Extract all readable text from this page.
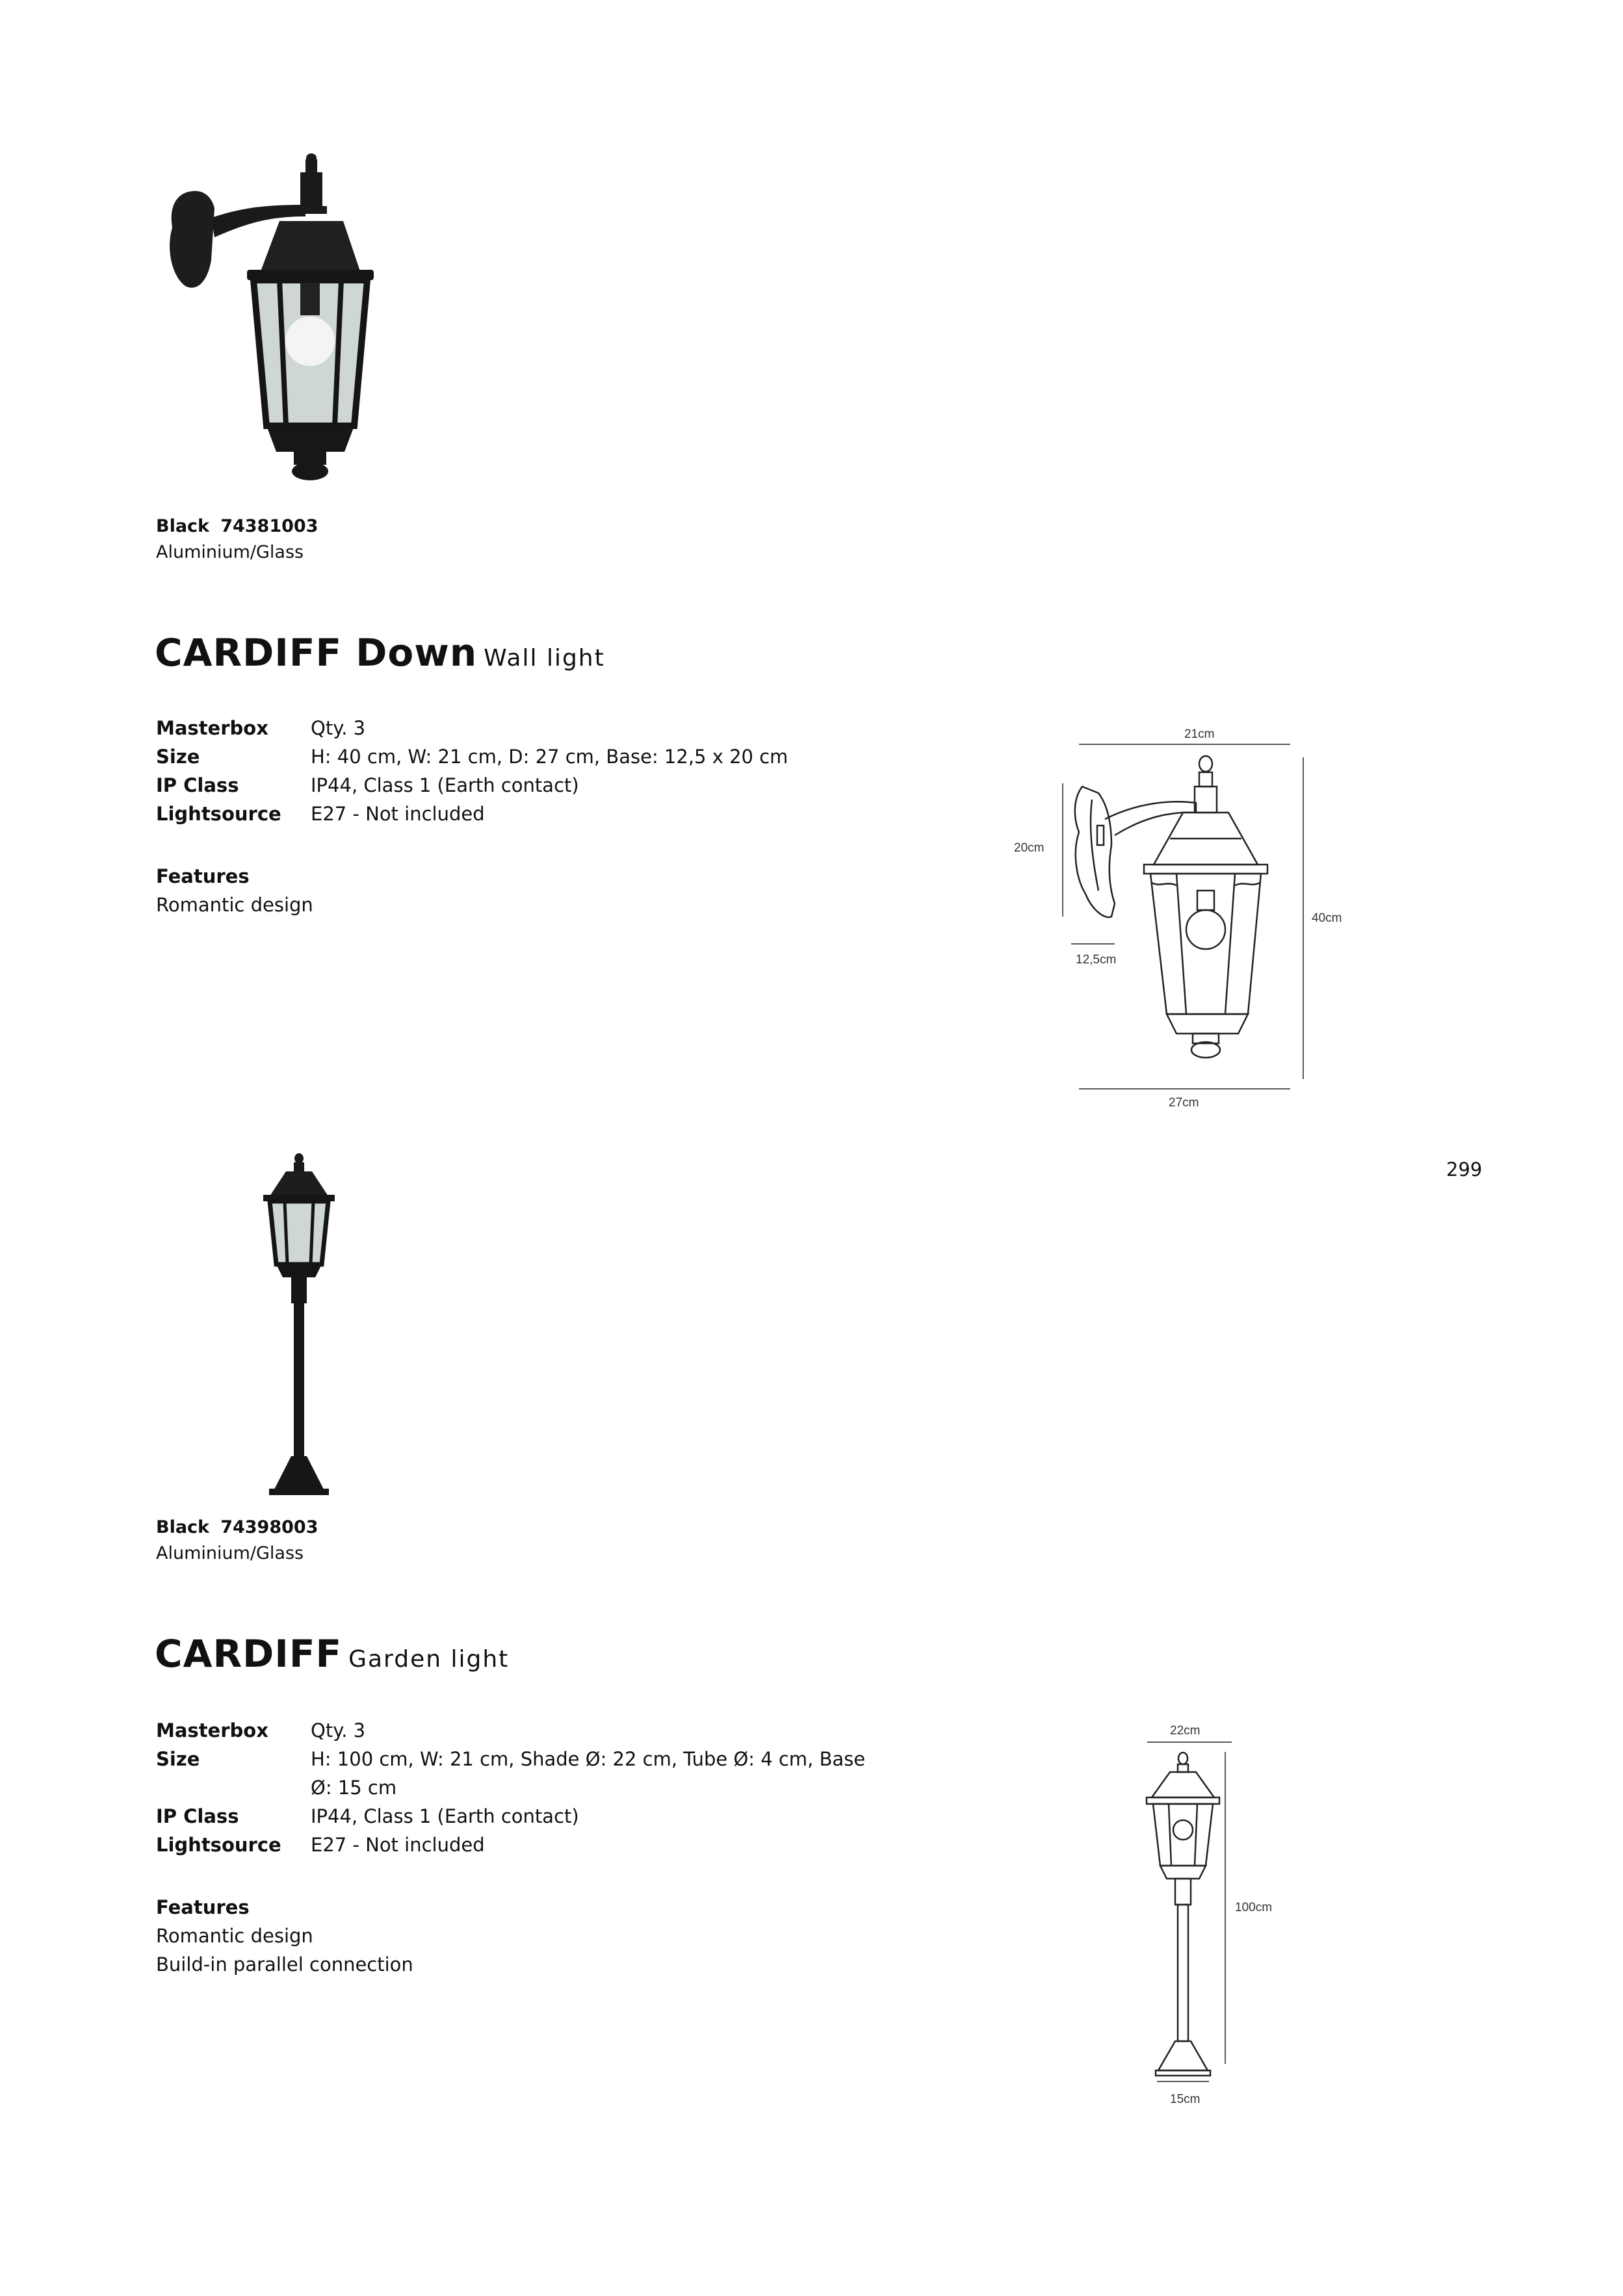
Black 74381003
Aluminium/Glass
CARDIFF Down Wall light
Masterbox	Qty. 3
Size	H: 40 cm, W: 21 cm, D: 27 cm, Base: 12,5 x 20 cm
IP Class	IP44, Class 1 (Earth contact)
Lightsource	E27 - Not included
Features
Romantic design
21cm
20cm
40cm
12,5cm
27cm
299
Black 74398003
Aluminium/Glass
CARDIFF Garden light
Masterbox	Qty. 3
Size	H: 100 cm, W: 21 cm, Shade Ø: 22 cm, Tube Ø: 4 cm, Base
	Ø: 15 cm
IP Class	IP44, Class 1 (Earth contact)
Lightsource	E27 - Not included
Features
Romantic design
Build-in parallel connection
22cm
100cm
15cm
